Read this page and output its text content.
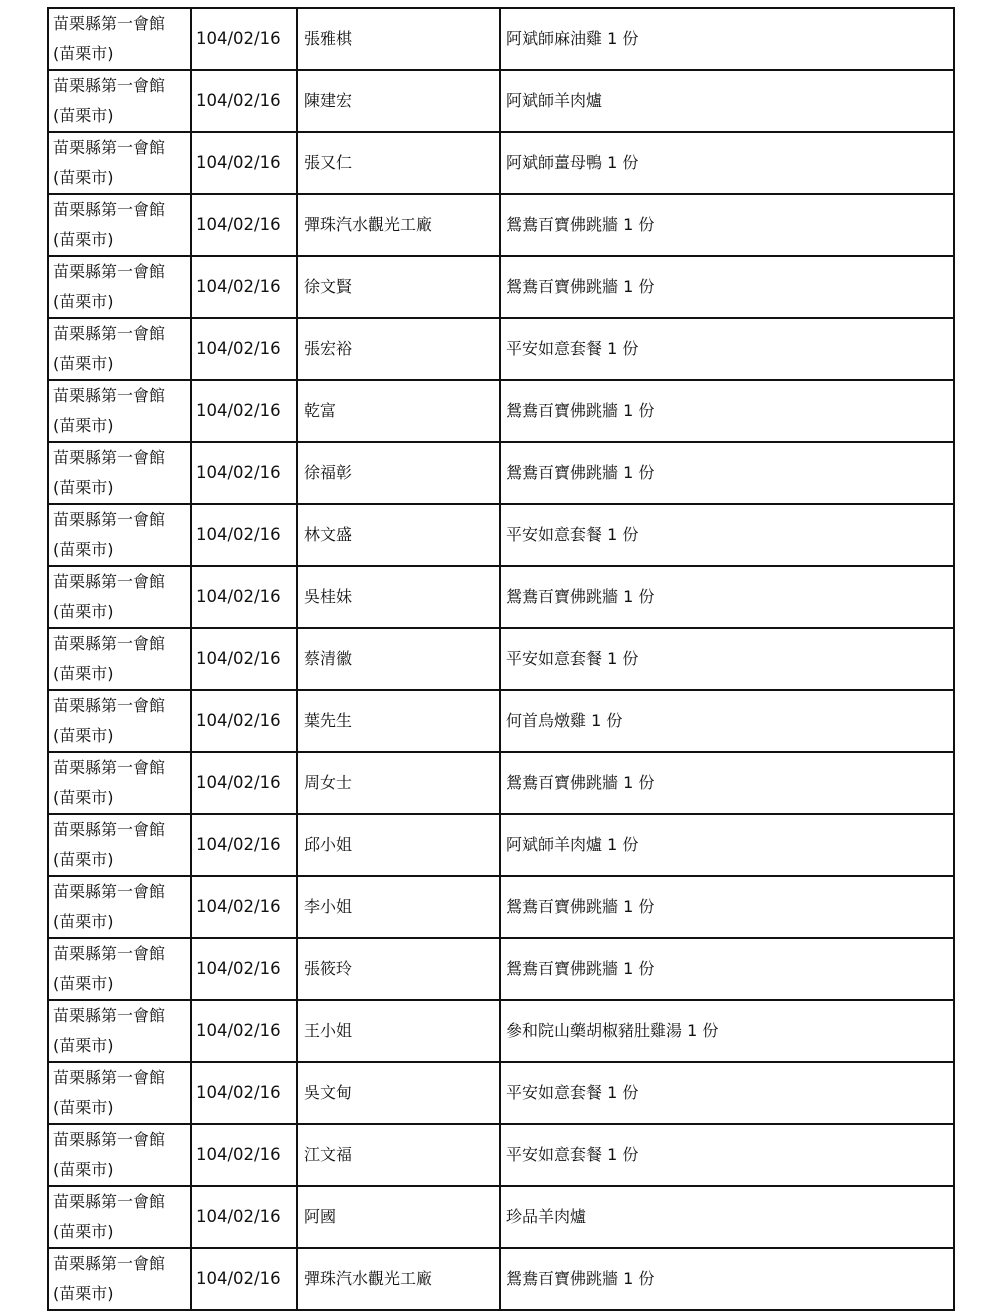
苗栗縣第一會館
(苗栗市)	104/02/16	張雅棋	阿斌師麻油雞 1 份

苗栗縣第一會館
(苗栗市)	104/02/16	陳建宏	阿斌師羊肉爐

苗栗縣第一會館
(苗栗市)	104/02/16	張又仁	阿斌師薑母鴨 1 份

苗栗縣第一會館
(苗栗市)	104/02/16	彈珠汽水觀光工廠	鴛鴦百寶佛跳牆 1 份

苗栗縣第一會館
(苗栗市)	104/02/16	徐文賢	鴛鴦百寶佛跳牆 1 份

苗栗縣第一會館
(苗栗市)	104/02/16	張宏裕	平安如意套餐 1 份

苗栗縣第一會館
(苗栗市)	104/02/16	乾富	鴛鴦百寶佛跳牆 1 份

苗栗縣第一會館
(苗栗市)	104/02/16	徐福彰	鴛鴦百寶佛跳牆 1 份

苗栗縣第一會館
(苗栗市)	104/02/16	林文盛	平安如意套餐 1 份

苗栗縣第一會館
(苗栗市)	104/02/16	吳桂妹	鴛鴦百寶佛跳牆 1 份

苗栗縣第一會館
(苗栗市)	104/02/16	蔡清徽	平安如意套餐 1 份

苗栗縣第一會館
(苗栗市)	104/02/16	葉先生	何首烏燉雞 1 份

苗栗縣第一會館
(苗栗市)	104/02/16	周女士	鴛鴦百寶佛跳牆 1 份

苗栗縣第一會館
(苗栗市)	104/02/16	邱小姐	阿斌師羊肉爐 1 份

苗栗縣第一會館
(苗栗市)	104/02/16	李小姐	鴛鴦百寶佛跳牆 1 份

苗栗縣第一會館
(苗栗市)	104/02/16	張筱玲	鴛鴦百寶佛跳牆 1 份

苗栗縣第一會館
(苗栗市)	104/02/16	王小姐	參和院山藥胡椒豬肚雞湯 1 份

苗栗縣第一會館
(苗栗市)	104/02/16	吳文甸	平安如意套餐 1 份

苗栗縣第一會館
(苗栗市)	104/02/16	江文福	平安如意套餐 1 份

苗栗縣第一會館
(苗栗市)	104/02/16	阿國	珍品羊肉爐

苗栗縣第一會館
(苗栗市)	104/02/16	彈珠汽水觀光工廠	鴛鴦百寶佛跳牆 1 份
